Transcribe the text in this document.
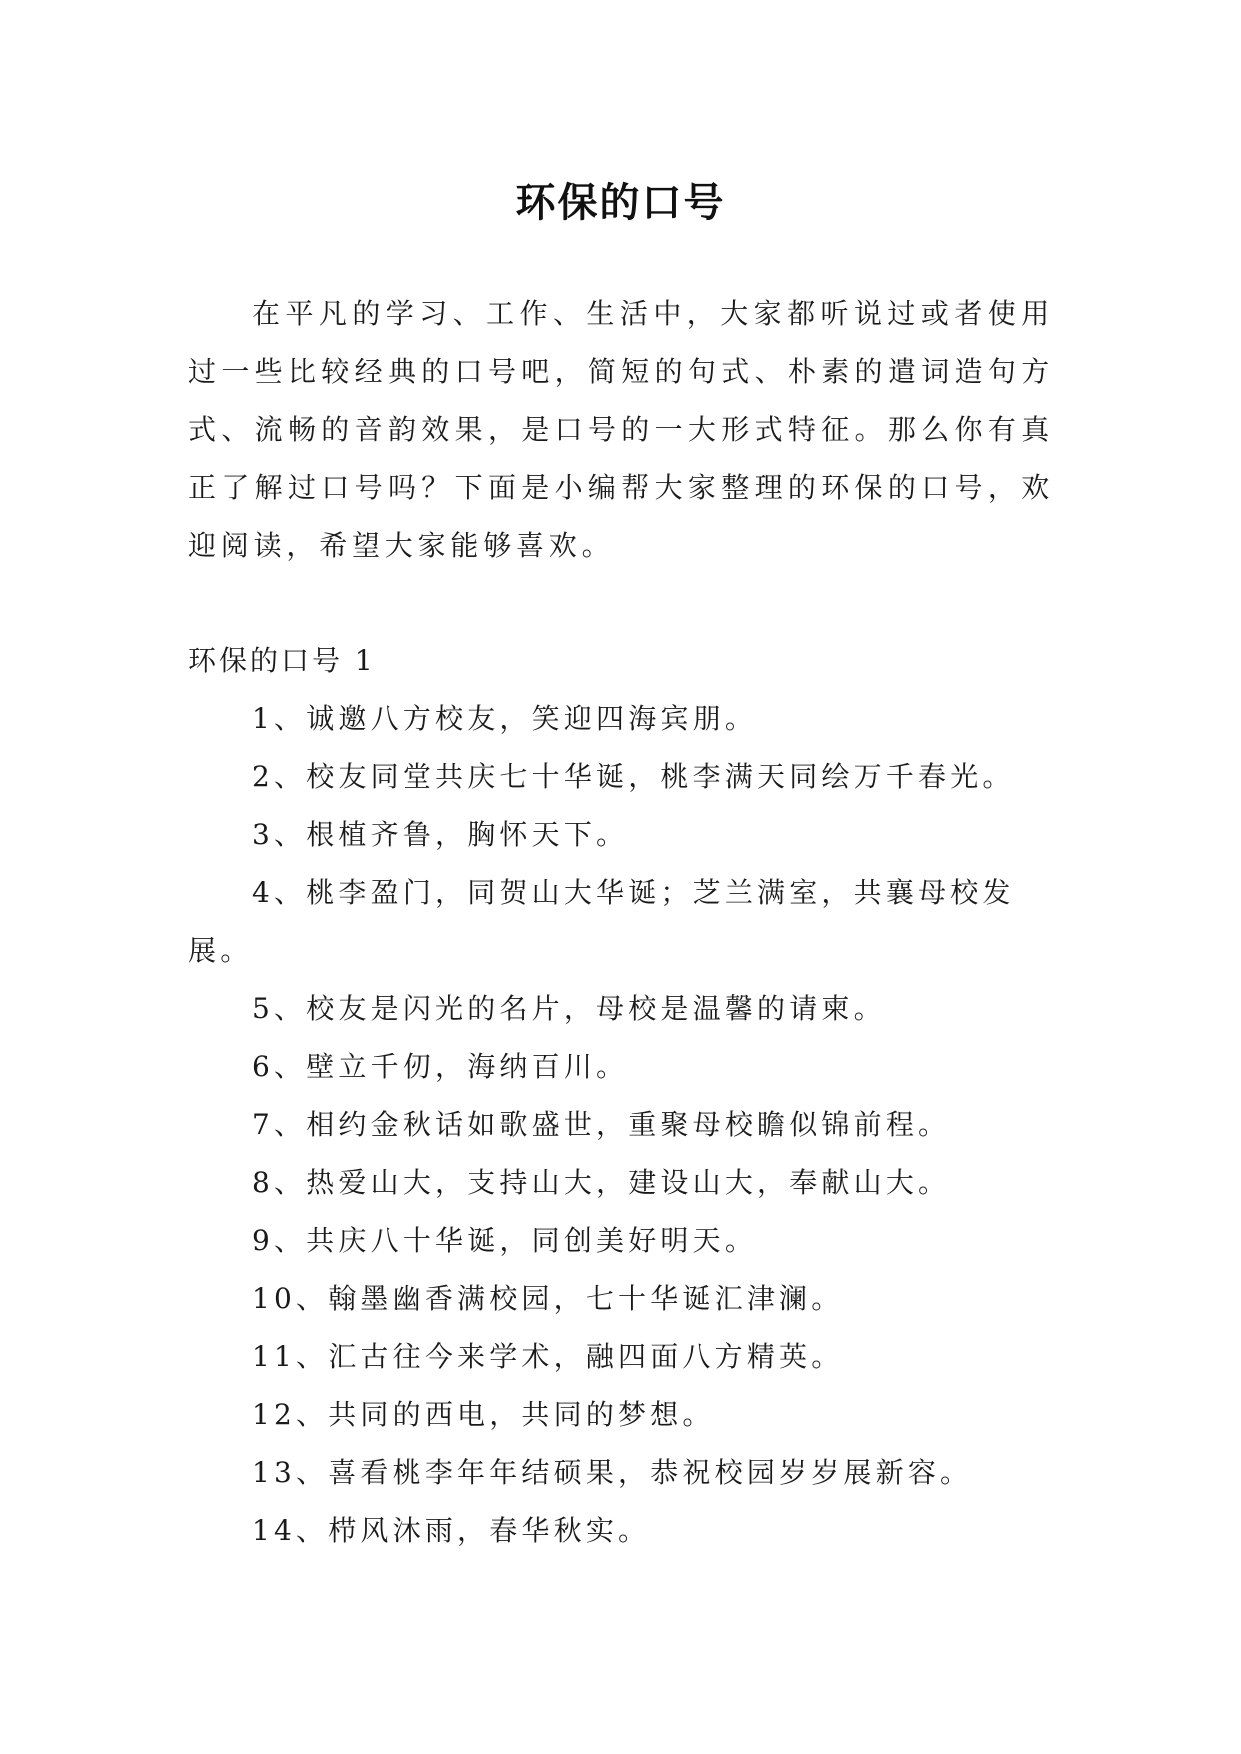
环保的口号

在平凡的学习、工作、生活中，大家都听说过或者使用过一些比较经典的口号吧，简短的句式、朴素的遣词造句方式、流畅的音韵效果，是口号的一大形式特征。那么你有真正了解过口号吗？下面是小编帮大家整理的环保的口号，欢迎阅读，希望大家能够喜欢。

环保的口号 1

1、诚邀八方校友，笑迎四海宾朋。
2、校友同堂共庆七十华诞，桃李满天同绘万千春光。
3、根植齐鲁，胸怀天下。
4、桃李盈门，同贺山大华诞；芝兰满室，共襄母校发展。
5、校友是闪光的名片，母校是温馨的请柬。
6、壁立千仞，海纳百川。
7、相约金秋话如歌盛世，重聚母校瞻似锦前程。
8、热爱山大，支持山大，建设山大，奉献山大。
9、共庆八十华诞，同创美好明天。
10、翰墨幽香满校园，七十华诞汇津澜。
11、汇古往今来学术，融四面八方精英。
12、共同的西电，共同的梦想。
13、喜看桃李年年结硕果，恭祝校园岁岁展新容。
14、栉风沐雨，春华秋实。
